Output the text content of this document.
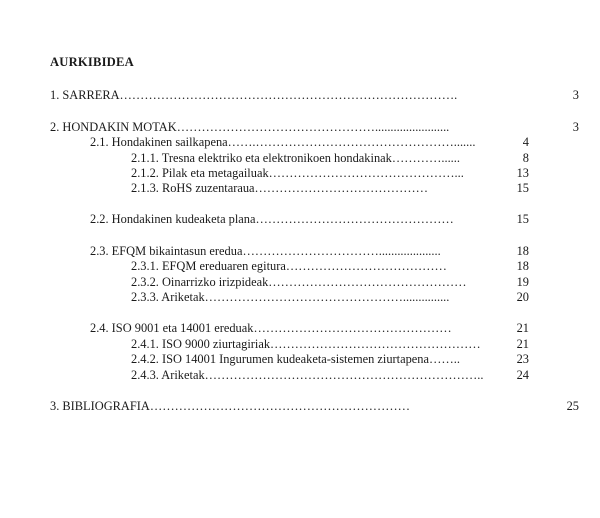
AURKIBIDEA
1. SARRERA……………………………………………………………………….	3
2. HONDAKIN MOTAK…………………………………………........................	3
2.1. Hondakinen sailkapena…….………………………………………….......	4
2.1.1. Tresna elektriko eta elektronikoen hondakinak…………......	8
2.1.2. Pilak eta metagailuak………………………………………...	13
2.1.3. RoHS zuzentaraua……………………………………	15
2.2. Hondakinen kudeaketa plana…………………………………………	15
2.3. EFQM bikaintasun eredua……………………………....................	18
2.3.1. EFQM ereduaren egitura…………………………………	18
2.3.2. Oinarrizko irizpideak…………………………………………	19
2.3.3. Ariketak…………………………………………...............	20
2.4. ISO 9001 eta 14001 ereduak…………………………………………	21
2.4.1. ISO 9000 ziurtagiriak……………………………………………	21
2.4.2. ISO 14001 Ingurumen kudeaketa-sistemen ziurtapena……..	23
2.4.3. Ariketak…………………………………………………………..	24
3. BIBLIOGRAFIA………………………………………………………	25
